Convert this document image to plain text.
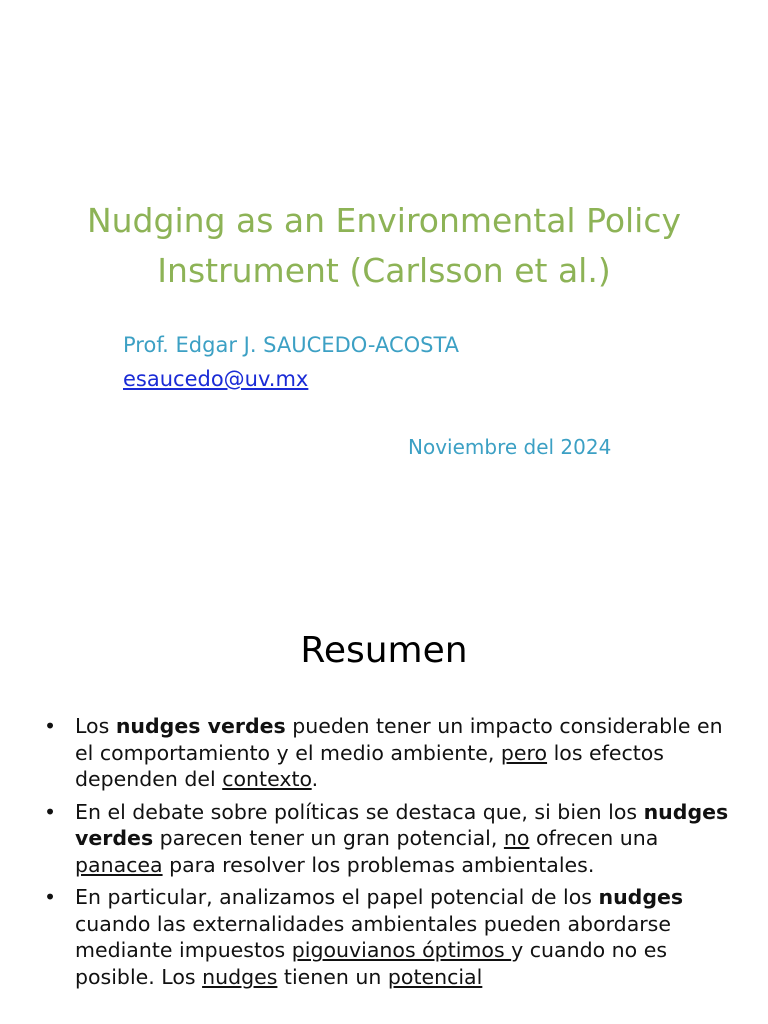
Nudging as an Environmental Policy
Instrument (Carlsson et al.)

Prof. Edgar J. SAUCEDO-ACOSTA

esaucedo@uv.mx
Noviembre del 2024
Resumen
• Los nudges verdes pueden tener un impacto considerable en el comportamiento y el medio ambiente, pero los efectos dependen del contexto.
• En el debate sobre políticas se destaca que, si bien los nudges verdes parecen tener un gran potencial, no ofrecen una panacea para resolver los problemas ambientales.
• En particular, analizamos el papel potencial de los nudges cuando las externalidades ambientales pueden abordarse mediante impuestos pigouvianos óptimos y cuando no es posible. Los nudges tienen un potencial
